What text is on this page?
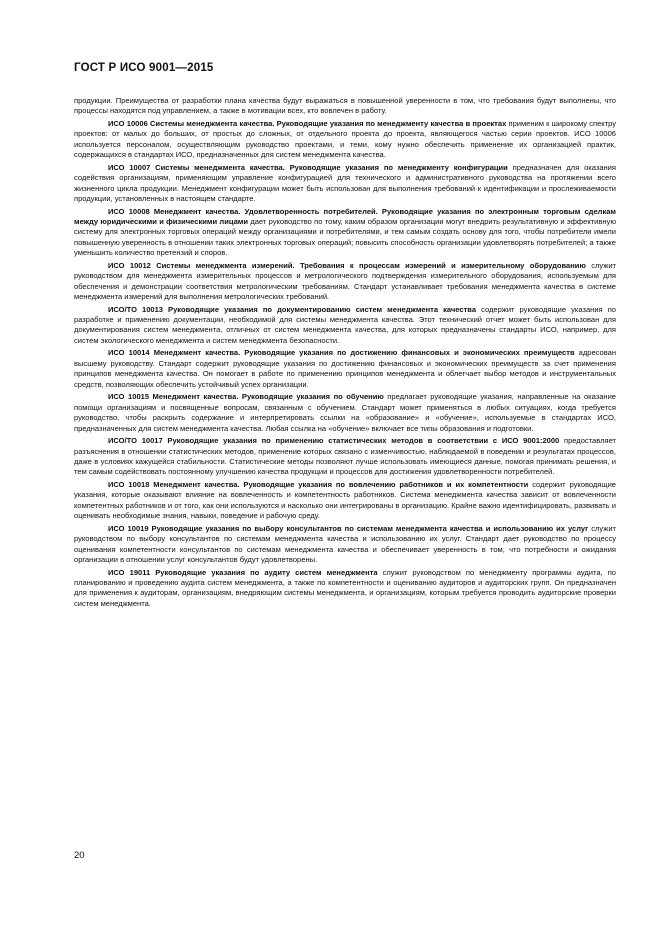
ГОСТ Р ИСО 9001—2015

продукции. Преимущества от разработки плана качества будут выражаться в повышенной уверенности в том, что требования будут выполнены, что процессы находятся под управлением, а также в мотивации всех, кто вовлечен в работу.

ИСО 10006 Системы менеджмента качества. Руководящие указания по менеджменту качества в проектах применим к широкому спектру проектов: от малых до больших, от простых до сложных, от отдельного проекта до проекта, являющегося частью серии проектов. ИСО 10006 используется персоналом, осуществляющим руководство проектами, и теми, кому нужно обеспечить применение их организацией практик, содержащихся в стандартах ИСО, предназначенных для систем менеджмента качества.

ИСО 10007 Системы менеджмента качества. Руководящие указания по менеджменту конфигурации предназначен для оказания содействия организациям, применяющим управление конфигурацией для технического и административного руководства на протяжении всего жизненного цикла продукции. Менеджмент конфигурации может быть использован для выполнения требований к идентификации и прослеживаемости продукции, установленных в настоящем стандарте.

ИСО 10008 Менеджмент качества. Удовлетворенность потребителей. Руководящие указания по электронным торговым сделкам между юридическими и физическими лицами дает руководство по тому, каким образом организации могут внедрить результативную и эффективную систему для электронных торговых операций между организациями и потребителями, и тем самым создать основу для того, чтобы потребители имели повышенную уверенность в отношении таких электронных торговых операций; повысить способность организации удовлетворять потребителей; а также уменьшить количество претензий и споров.

ИСО 10012 Системы менеджмента измерений. Требования к процессам измерений и измерительному оборудованию служит руководством для менеджмента измерительных процессов и метрологического подтверждения измерительного оборудования, используемым для обеспечения и демонстрации соответствия метрологическим требованиям. Стандарт устанавливает требования менеджмента качества в системе менеджмента измерений для выполнения метрологических требований.

ИСО/ТО 10013 Руководящие указания по документированию систем менеджмента качества содержит руководящие указания по разработке и применению документации, необходимой для системы менеджмента качества. Этот технический отчет может быть использован для документирования систем менеджмента, отличных от систем менеджмента качества, для которых предназначены стандарты ИСО, например, для систем экологического менеджмента и систем менеджмента безопасности.

ИСО 10014 Менеджмент качества. Руководящие указания по достижению финансовых и экономических преимуществ адресован высшему руководству. Стандарт содержит руководящие указания по достижению финансовых и экономических преимуществ за счет применения принципов менеджмента качества. Он помогает в работе по применению принципов менеджмента и облегчает выбор методов и инструментальных средств, позволяющих обеспечить устойчивый успех организации.

ИСО 10015 Менеджмент качества. Руководящие указания по обучению предлагает руководящие указания, направленные на оказание помощи организациям и посвященные вопросам, связанным с обучением. Стандарт может применяться в любых ситуациях, когда требуется руководство, чтобы раскрыть содержание и интерпретировать ссылки на «образование» и «обучение», используемые в стандартах ИСО, предназначенных для систем менеджмента качества. Любая ссылка на «обучение» включает все типы образования и подготовки.

ИСО/ТО 10017 Руководящие указания по применению статистических методов в соответствии с ИСО 9001:2000 предоставляет разъяснения в отношении статистических методов, применение которых связано с изменчивостью, наблюдаемой в поведении и результатах процессов, даже в условиях кажущейся стабильности. Статистические методы позволяют лучше использовать имеющиеся данные, помогая принимать решения, и тем самым содействовать постоянному улучшению качества продукции и процессов для достижения удовлетворенности потребителей.

ИСО 10018 Менеджмент качества. Руководящие указания по вовлечению работников и их компетентности содержит руководящие указания, которые оказывают влияние на вовлеченность и компетентность работников. Система менеджмента качества зависит от вовлеченности компетентных работников и от того, как они используются и насколько они интегрированы в организацию. Крайне важно идентифицировать, развивать и оценивать необходимые знания, навыки, поведение и рабочую среду.

ИСО 10019 Руководящие указания по выбору консультантов по системам менеджмента качества и использованию их услуг служит руководством по выбору консультантов по системам менеджмента качества и использованию их услуг. Стандарт дает руководство по процессу оценивания компетентности консультантов по системам менеджмента качества и обеспечивает уверенность в том, что потребности и ожидания организации в отношении услуг консультантов будут удовлетворены.

ИСО 19011 Руководящие указания по аудиту систем менеджмента служит руководством по менеджменту программы аудита, по планированию и проведению аудита систем менеджмента, а также по компетентности и оцениванию аудиторов и аудиторских групп. Он предназначен для применения к аудиторам, организациям, внедряющим системы менеджмента, и организациям, которым требуется проводить аудиторские проверки систем менеджмента.

20
